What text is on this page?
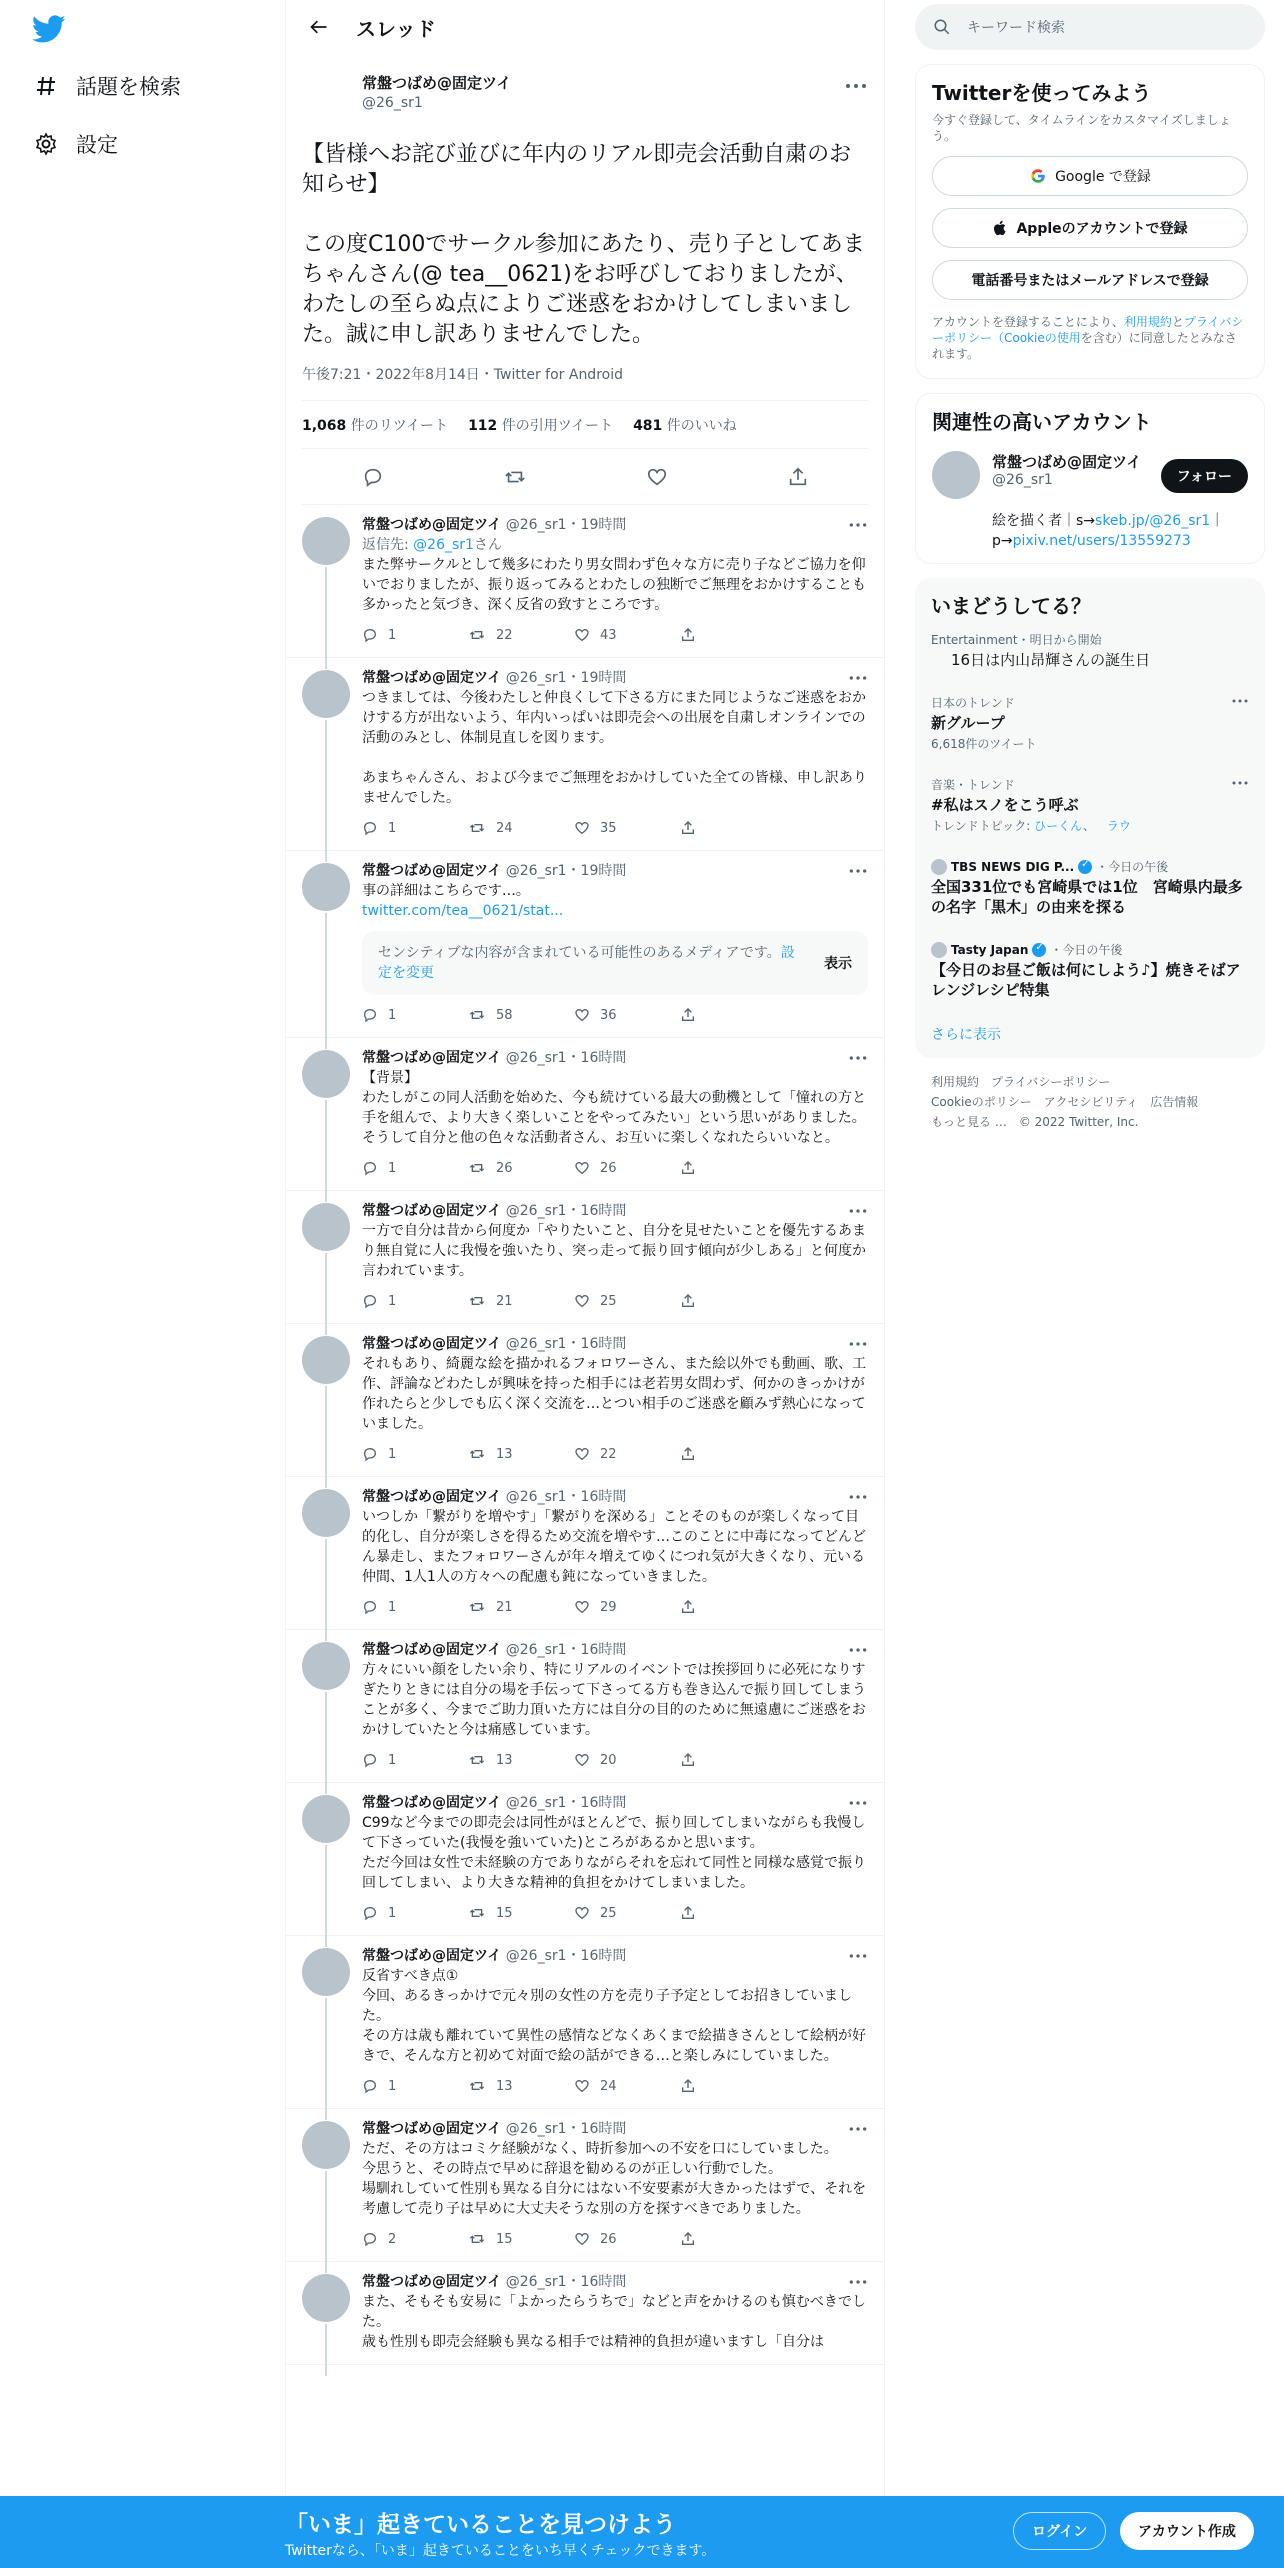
話題を検索
設定
スレッド
常盤つばめ@固定ツイ
@26_sr1
【皆様へお詫び並びに年内のリアル即売会活動自粛のお知らせ】

この度C100でサークル参加にあたり、売り子としてあまちゃんさん(@ tea__0621)をお呼びしておりましたが、わたしの至らぬ点によりご迷惑をおかけしてしまいました。誠に申し訳ありませんでした。
午後7:21・2022年8月14日・Twitter for Android
1,068 件のリツイート 112 件の引用ツイート 481 件のいいね
常盤つばめ@固定ツイ @26_sr1・19時間
返信先: @26_sr1さん
また弊サークルとして幾多にわたり男女問わず色々な方に売り子などご協力を仰いでおりましたが、振り返ってみるとわたしの独断でご無理をおかけすることも多かったと気づき、深く反省の致すところです。
1	22	43
常盤つばめ@固定ツイ @26_sr1・19時間
つきましては、今後わたしと仲良くして下さる方にまた同じようなご迷惑をおかけする方が出ないよう、年内いっぱいは即売会への出展を自粛しオンラインでの活動のみとし、体制見直しを図ります。

あまちゃんさん、および今までご無理をおかけしていた全ての皆様、申し訳ありませんでした。
1	24	35
常盤つばめ@固定ツイ @26_sr1・19時間
事の詳細はこちらです…。
twitter.com/tea__0621/stat...
センシティブな内容が含まれている可能性のあるメディアです。設定を変更
表示
1	58	36
常盤つばめ@固定ツイ @26_sr1・16時間
【背景】
わたしがこの同人活動を始めた、今も続けている最大の動機として「憧れの方と手を組んで、より大きく楽しいことをやってみたい」という思いがありました。
そうして自分と他の色々な活動者さん、お互いに楽しくなれたらいいなと。
1	26	26
常盤つばめ@固定ツイ @26_sr1・16時間
一方で自分は昔から何度か「やりたいこと、自分を見せたいことを優先するあまり無自覚に人に我慢を強いたり、突っ走って振り回す傾向が少しある」と何度か言われています。
1	21	25
常盤つばめ@固定ツイ @26_sr1・16時間
それもあり、綺麗な絵を描かれるフォロワーさん、また絵以外でも動画、歌、工作、評論などわたしが興味を持った相手には老若男女問わず、何かのきっかけが作れたらと少しでも広く深く交流を…とつい相手のご迷惑を顧みず熱心になっていました。
1	13	22
常盤つばめ@固定ツイ @26_sr1・16時間
いつしか「繋がりを増やす」「繋がりを深める」ことそのものが楽しくなって目的化し、自分が楽しさを得るため交流を増やす…このことに中毒になってどんどん暴走し、またフォロワーさんが年々増えてゆくにつれ気が大きくなり、元いる仲間、1人1人の方々への配慮も鈍になっていきました。
1	21	29
常盤つばめ@固定ツイ @26_sr1・16時間
方々にいい顔をしたい余り、特にリアルのイベントでは挨拶回りに必死になりすぎたりときには自分の場を手伝って下さってる方も巻き込んで振り回してしまうことが多く、今までご助力頂いた方には自分の目的のために無遠慮にご迷惑をおかけしていたと今は痛感しています。
1	13	20
常盤つばめ@固定ツイ @26_sr1・16時間
C99など今までの即売会は同性がほとんどで、振り回してしまいながらも我慢して下さっていた(我慢を強いていた)ところがあるかと思います。
ただ今回は女性で未経験の方でありながらそれを忘れて同性と同様な感覚で振り回してしまい、より大きな精神的負担をかけてしまいました。
1	15	25
常盤つばめ@固定ツイ @26_sr1・16時間
反省すべき点①
今回、あるきっかけで元々別の女性の方を売り子予定としてお招きしていました。
その方は歳も離れていて異性の感情などなくあくまで絵描きさんとして絵柄が好きで、そんな方と初めて対面で絵の話ができる…と楽しみにしていました。
1	13	24
常盤つばめ@固定ツイ @26_sr1・16時間
ただ、その方はコミケ経験がなく、時折参加への不安を口にしていました。
今思うと、その時点で早めに辞退を勧めるのが正しい行動でした。
場馴れしていて性別も異なる自分にはない不安要素が大きかったはずで、それを考慮して売り子は早めに大丈夫そうな別の方を探すべきでありました。
2	15	26
常盤つばめ@固定ツイ @26_sr1・16時間
また、そもそも安易に「よかったらうちで」などと声をかけるのも慎むべきでした。
歳も性別も即売会経験も異なる相手では精神的負担が違いますし「自分は
キーワード検索
Twitterを使ってみよう
今すぐ登録して、タイムラインをカスタマイズしましょう。
Google で登録
Appleのアカウントで登録
電話番号またはメールアドレスで登録
アカウントを登録することにより、利用規約とプライバシーポリシー（Cookieの使用を含む）に同意したとみなされます。
関連性の高いアカウント
常盤つばめ@固定ツイ
@26_sr1	フォロー
絵を描く者｜s→skeb.jp/@26_sr1｜p→pixiv.net/users/13559273
いまどうしてる？
Entertainment・明日から開始
16日は内山昂輝さんの誕生日
日本のトレンド
新グループ
6,618件のツイート
音楽・トレンド
#私はスノをこう呼ぶ
トレンドトピック: ひーくん、 ラウ
TBS NEWS DIG P... ✓ ・今日の午後
全国331位でも宮崎県では1位　宮崎県内最多の名字「黒木」の由来を探る
Tasty Japan ✓ ・今日の午後
【今日のお昼ご飯は何にしよう♪】焼きそばアレンジレシピ特集
さらに表示
利用規約 プライバシーポリシー
Cookieのポリシー アクセシビリティ 広告情報
もっと見る … © 2022 Twitter, Inc.
「いま」起きていることを見つけよう
Twitterなら、「いま」起きていることをいち早くチェックできます。
ログイン	アカウント作成
